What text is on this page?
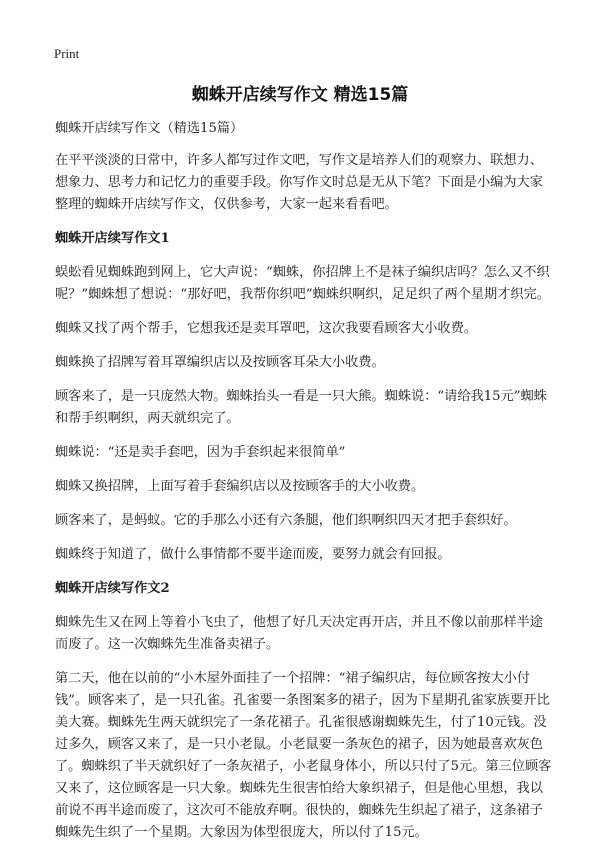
Print
蜘蛛开店续写作文 精选15篇

蜘蛛开店续写作文（精选15篇）

在平平淡淡的日常中，许多人都写过作文吧，写作文是培养人们的观察力、联想力、想象力、思考力和记忆力的重要手段。你写作文时总是无从下笔？下面是小编为大家整理的蜘蛛开店续写作文，仅供参考，大家一起来看看吧。

蜘蛛开店续写作文1

蜈蚣看见蜘蛛跑到网上，它大声说：“蜘蛛，你招牌上不是袜子编织店吗？怎么又不织呢？”蜘蛛想了想说：“那好吧，我帮你织吧”蜘蛛织啊织，足足织了两个星期才织完。

蜘蛛又找了两个帮手，它想我还是卖耳罩吧，这次我要看顾客大小收费。

蜘蛛换了招牌写着耳罩编织店以及按顾客耳朵大小收费。

顾客来了，是一只庞然大物。蜘蛛抬头一看是一只大熊。蜘蛛说：“请给我15元”蜘蛛和帮手织啊织，两天就织完了。

蜘蛛说：“还是卖手套吧，因为手套织起来很简单”

蜘蛛又换招牌，上面写着手套编织店以及按顾客手的大小收费。

顾客来了，是蚂蚁。它的手那么小还有六条腿，他们织啊织四天才把手套织好。

蜘蛛终于知道了，做什么事情都不要半途而废，要努力就会有回报。

蜘蛛开店续写作文2

蜘蛛先生又在网上等着小飞虫了，他想了好几天决定再开店，并且不像以前那样半途而废了。这一次蜘蛛先生准备卖裙子。

第二天，他在以前的“小木屋外面挂了一个招牌：“裙子编织店，每位顾客按大小付钱”。顾客来了，是一只孔雀。孔雀要一条图案多的裙子，因为下星期孔雀家族要开比美大赛。蜘蛛先生两天就织完了一条花裙子。孔雀很感谢蜘蛛先生，付了10元钱。没过多久，顾客又来了，是一只小老鼠。小老鼠要一条灰色的裙子，因为她最喜欢灰色了。蜘蛛织了半天就织好了一条灰裙子，小老鼠身体小，所以只付了5元。第三位顾客又来了，这位顾客是一只大象。蜘蛛先生很害怕给大象织裙子，但是他心里想，我以前说不再半途而废了，这次可不能放弃啊。很快的，蜘蛛先生织起了裙子，这条裙子蜘蛛先生织了一个星期。大象因为体型很庞大，所以付了15元。
